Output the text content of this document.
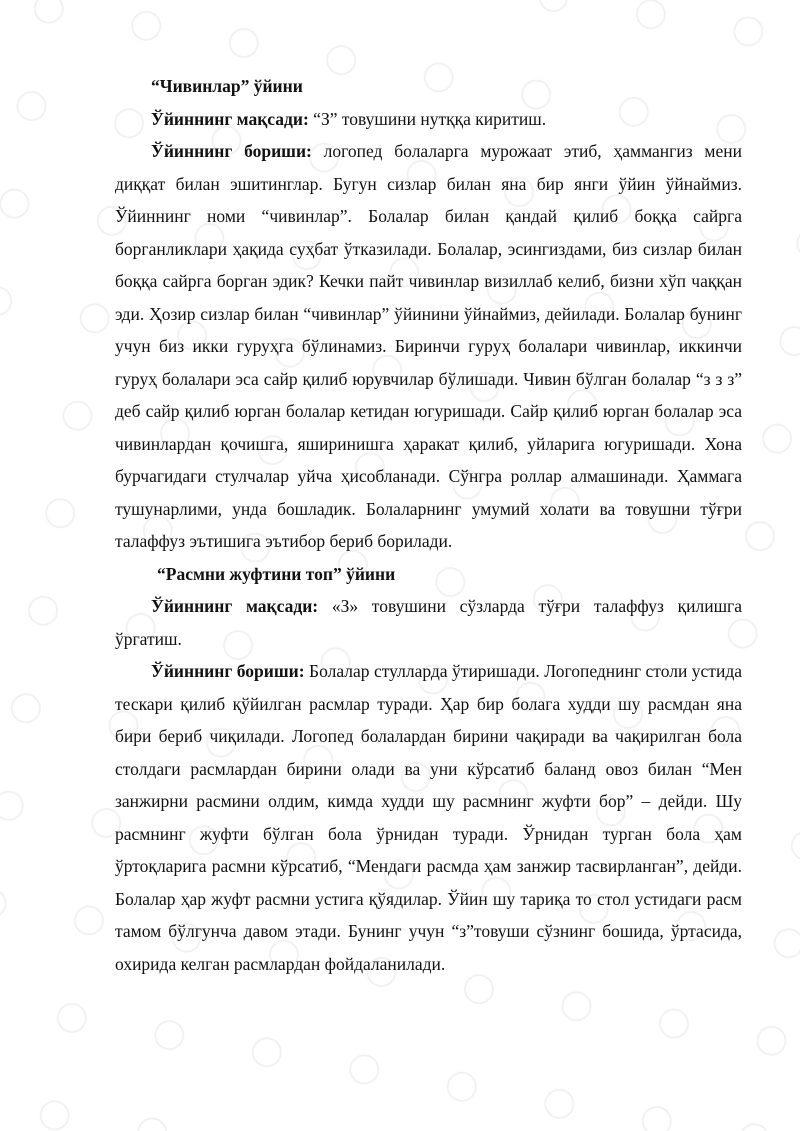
“Чивинлар” ўйини

Ўйиннинг мақсади: “З” товушини нутққа киритиш.

Ўйиннинг бориши: логопед болаларга мурожаат этиб, ҳаммангиз мени диққат билан эшитинглар. Бугун сизлар билан яна бир янги ўйин ўйнаймиз. Ўйиннинг номи “чивинлар”. Болалар билан қандай қилиб боққа сайрга борганликлари ҳақида суҳбат ўтказилади. Болалар, эсингиздами, биз сизлар билан боққа сайрга борган эдик? Кечки пайт чивинлар визиллаб келиб, бизни хўп чаққан эди. Ҳозир сизлар билан “чивинлар” ўйинини ўйнаймиз, дейилади. Болалар бунинг учун биз икки гуруҳга бўлинамиз. Биринчи гуруҳ болалари чивинлар, иккинчи гуруҳ болалари эса сайр қилиб юрувчилар бўлишади. Чивин бўлган болалар “з з з” деб сайр қилиб юрган болалар кетидан югуришади. Сайр қилиб юрган болалар эса чивинлардан қочишга, яширинишга ҳаракат қилиб, уйларига югуришади. Хона бурчагидаги стулчалар уйча ҳисобланади. Сўнгра роллар алмашинади. Ҳаммага тушунарлими, унда бошладик. Болаларнинг умумий холати ва товушни тўғри талаффуз эътишига эътибор бериб борилади.

“Расмни жуфтини топ” ўйини

Ўйиннинг мақсади: «З» товушини сўзларда тўғри талаффуз қилишга ўргатиш.

Ўйиннинг бориши: Болалар стулларда ўтиришади. Логопеднинг столи устида тескари қилиб қўйилган расмлар туради. Ҳар бир болага худди шу расмдан яна бири бериб чиқилади. Логопед болалардан бирини чақиради ва чақирилган бола столдаги расмлардан бирини олади ва уни кўрсатиб баланд овоз билан “Мен занжирни расмини олдим, кимда худди шу расмнинг жуфти бор” – дейди. Шу расмнинг жуфти бўлган бола ўрнидан туради. Ўрнидан турган бола ҳам ўртоқларига расмни кўрсатиб, “Мендаги расмда ҳам занжир тасвирланган”, дейди. Болалар ҳар жуфт расмни устига қўядилар. Ўйин шу тариқа то стол устидаги расм тамом бўлгунча давом этади. Бунинг учун “з”товуши сўзнинг бошида, ўртасида, охирида келган расмлардан фойдаланилади.
